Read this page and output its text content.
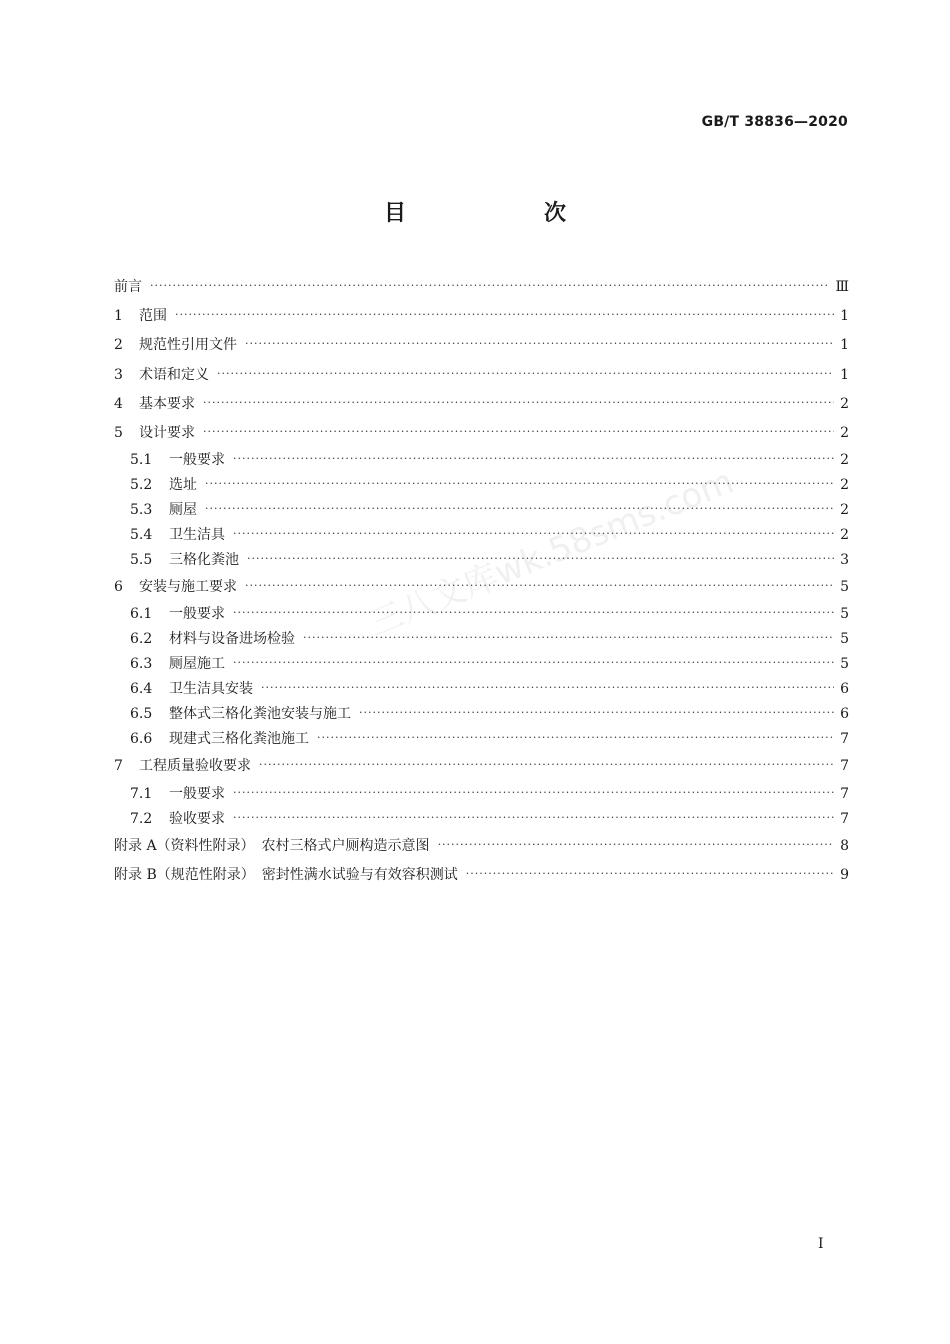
GB/T 38836—2020
目　次
前言 ·····	Ⅲ
1	范围 ·····	1
2	规范性引用文件 ·····	1
3	术语和定义 ·····	1
4	基本要求 ·····	2
5	设计要求 ·····	2
5.1	一般要求 ·····	2
5.2	选址 ·····	2
5.3	厕屋 ·····	2
5.4	卫生洁具 ·····	2
5.5	三格化粪池 ·····	3
6	安装与施工要求 ·····	5
6.1	一般要求 ·····	5
6.2	材料与设备进场检验 ·····	5
6.3	厕屋施工 ·····	5
6.4	卫生洁具安装 ·····	6
6.5	整体式三格化粪池安装与施工 ·····	6
6.6	现建式三格化粪池施工 ·····	7
7	工程质量验收要求 ·····	7
7.1	一般要求 ·····	7
7.2	验收要求 ·····	7
附录 A（资料性附录）　农村三格式户厕构造示意图 ·····	8
附录 B（规范性附录）　密封性满水试验与有效容积测试 ·····	9
三八文库wk.58sms.com
I
